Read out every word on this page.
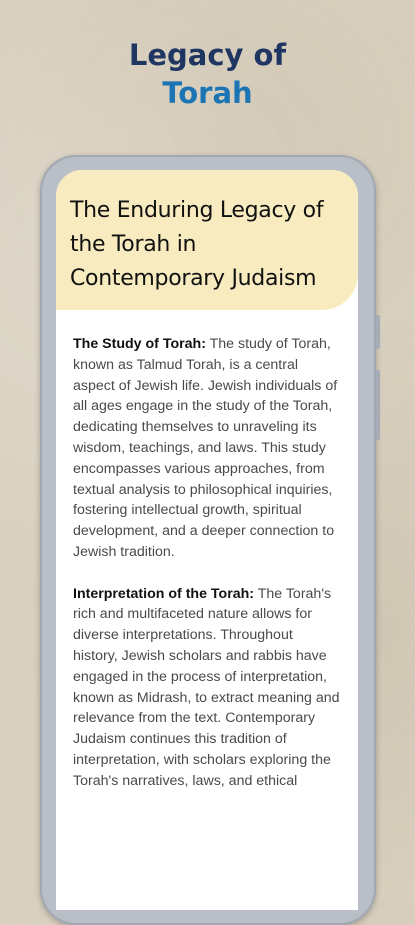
Legacy of
Torah
The Enduring Legacy of the Torah in Contemporary Judaism

The Study of Torah: The study of Torah, known as Talmud Torah, is a central aspect of Jewish life. Jewish individuals of all ages engage in the study of the Torah, dedicating themselves to unraveling its wisdom, teachings, and laws. This study encompasses various approaches, from textual analysis to philosophical inquiries, fostering intellectual growth, spiritual development, and a deeper connection to Jewish tradition.

Interpretation of the Torah: The Torah's rich and multifaceted nature allows for diverse interpretations. Throughout history, Jewish scholars and rabbis have engaged in the process of interpretation, known as Midrash, to extract meaning and relevance from the text. Contemporary Judaism continues this tradition of interpretation, with scholars exploring the Torah's narratives, laws, and ethical
